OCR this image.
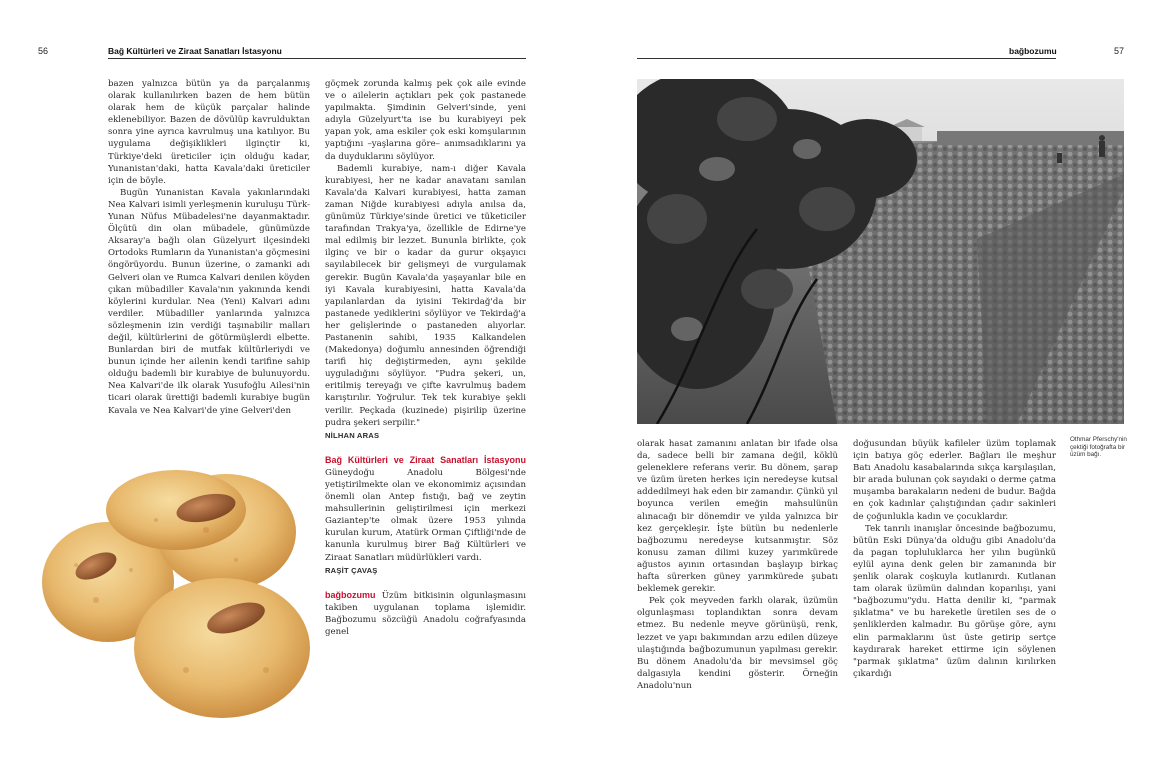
56	Bağ Kültürleri ve Ziraat Sanatları İstasyonu	bağbozumu	57

bazen yalnızca bütün ya da parçalanmış olarak kullanılırken bazen de hem bütün olarak hem de küçük parçalar halinde eklenebiliyor. Bazen de dövülüp kavrulduktan sonra yine ayrıca kavrulmuş una katılıyor. Bu uygulama değişiklikleri ilginçtir ki, Türkiye'deki üreticiler için olduğu kadar, Yunanistan'daki, hatta Kavala'daki üreticiler için de böyle.

Bugün Yunanistan Kavala yakınlarındaki Nea Kalvari isimli yerleşmenin kuruluşu Türk-Yunan Nüfus Mübadelesi'ne dayanmaktadır. Ölçütü din olan mübadele, günümüzde Aksaray'a bağlı olan Güzelyurt ilçesindeki Ortodoks Rumların da Yunanistan'a göçmesini öngörüyordu. Bunun üzerine, o zamanki adı Gelveri olan ve Rumca Kalvari denilen köyden çıkan mübadiller Kavala'nın yakınında kendi köylerini kurdular. Nea (Yeni) Kalvari adını verdiler. Mübadiller yanlarında yalnızca sözleşmenin izin verdiği taşınabilir malları değil, kültürlerini de götürmüşlerdi elbette. Bunlardan biri de mutfak kültürleriydi ve bunun içinde her ailenin kendi tarifine sahip olduğu bademli bir kurabiye de bulunuyordu. Nea Kalvari'de ilk olarak Yusufoğlu Ailesi'nin ticari olarak ürettiği bademli kurabiye bugün Kavala ve Nea Kalvari'de yine Gelveri'den

göçmek zorunda kalmış pek çok aile evinde ve o ailelerin açtıkları pek çok pastanede yapılmakta. Şimdinin Gelveri'sinde, yeni adıyla Güzelyurt'ta ise bu kurabiyeyi pek yapan yok, ama eskiler çok eski komşularının yaptığını –yaşlarına göre– anımsadıklarını ya da duyduklarını söylüyor.

Bademli kurabiye, nam-ı diğer Kavala kurabiyesi, her ne kadar anavatanı sanılan Kavala'da Kalvari kurabiyesi, hatta zaman zaman Niğde kurabiyesi adıyla anılsa da, günümüz Türkiye'sinde üretici ve tüketiciler tarafından Trakya'ya, özellikle de Edirne'ye mal edilmiş bir lezzet. Bununla birlikte, çok ilginç ve bir o kadar da gurur okşayıcı sayılabilecek bir gelişmeyi de vurgulamak gerekir. Bugün Kavala'da yaşayanlar bile en iyi Kavala kurabiyesini, hatta Kavala'da yapılanlardan da iyisini Tekirdağ'da bir pastanede yediklerini söylüyor ve Tekirdağ'a her gelişlerinde o pastaneden alıyorlar. Pastanenin sahibi, 1935 Kalkandelen (Makedonya) doğumlu annesinden öğrendiği tarifi hiç değiştirmeden, aynı şekilde uyguladığını söylüyor. "Pudra şekeri, un, eritilmiş tereyağı ve çifte kavrulmuş badem karıştırılır. Yoğrulur. Tek tek kurabiye şekli verilir. Peçkada (kuzinede) pişirilip üzerine pudra şekeri serpilir."

NİLHAN ARAS

Bağ Kültürleri ve Ziraat Sanatları İstasyonu Güneydoğu Anadolu Bölgesi'nde yetiştirilmekte olan ve ekonomimiz açısından önemli olan Antep fıstığı, bağ ve zeytin mahsullerinin geliştirilmesi için merkezi Gaziantep'te olmak üzere 1953 yılında kurulan kurum, Atatürk Orman Çiftliği'nde de kanunla kurulmuş birer Bağ Kültürleri ve Ziraat Sanatları müdürlükleri vardı.

RAŞİT ÇAVAŞ

bağbozumu Üzüm bitkisinin olgunlaşmasını takiben uygulanan toplama işlemidir. Bağbozumu sözcüğü Anadolu coğrafyasında genel

Othmar Pferschy'nin çektiği fotoğrafta bir üzüm bağı.

olarak hasat zamanını anlatan bir ifade olsa da, sadece belli bir zamana değil, köklü geleneklere referans verir. Bu dönem, şarap ve üzüm üreten herkes için neredeyse kutsal addedilmeyi hak eden bir zamandır. Çünkü yıl boyunca verilen emeğin mahsulünün alınacağı bir dönemdir ve yılda yalnızca bir kez gerçekleşir. İşte bütün bu nedenlerle bağbozumu neredeyse kutsanmıştır. Söz konusu zaman dilimi kuzey yarımkürede ağustos ayının ortasından başlayıp birkaç hafta sürerken güney yarımkürede şubatı beklemek gerekir.

Pek çok meyveden farklı olarak, üzümün olgunlaşması toplandıktan sonra devam etmez. Bu nedenle meyve görünüşü, renk, lezzet ve yapı bakımından arzu edilen düzeye ulaştığında bağbozumunun yapılması gerekir. Bu dönem Anadolu'da bir mevsimsel göç dalgasıyla kendini gösterir. Örneğin Anadolu'nun

doğusundan büyük kafileler üzüm toplamak için batıya göç ederler. Bağları ile meşhur Batı Anadolu kasabalarında sıkça karşılaşılan, bir arada bulunan çok sayıdaki o derme çatma muşamba barakaların nedeni de budur. Bağda en çok kadınlar çalıştığından çadır sakinleri de çoğunlukla kadın ve çocuklardır.

Tek tanrılı inanışlar öncesinde bağbozumu, bütün Eski Dünya'da olduğu gibi Anadolu'da da pagan topluluklarca her yılın bugünkü eylül ayına denk gelen bir zamanında bir şenlik olarak coşkuyla kutlanırdı. Kutlanan tam olarak üzümün dalından koparılışı, yani "bağbozumu"ydu. Hatta denilir ki, "parmak şıklatma" ve bu hareketle üretilen ses de o şenliklerden kalmadır. Bu görüşe göre, aynı elin parmaklarını üst üste getirip sertçe kaydırarak hareket ettirme için söylenen "parmak şıklatma" üzüm dalının kırılırken çıkardığı
